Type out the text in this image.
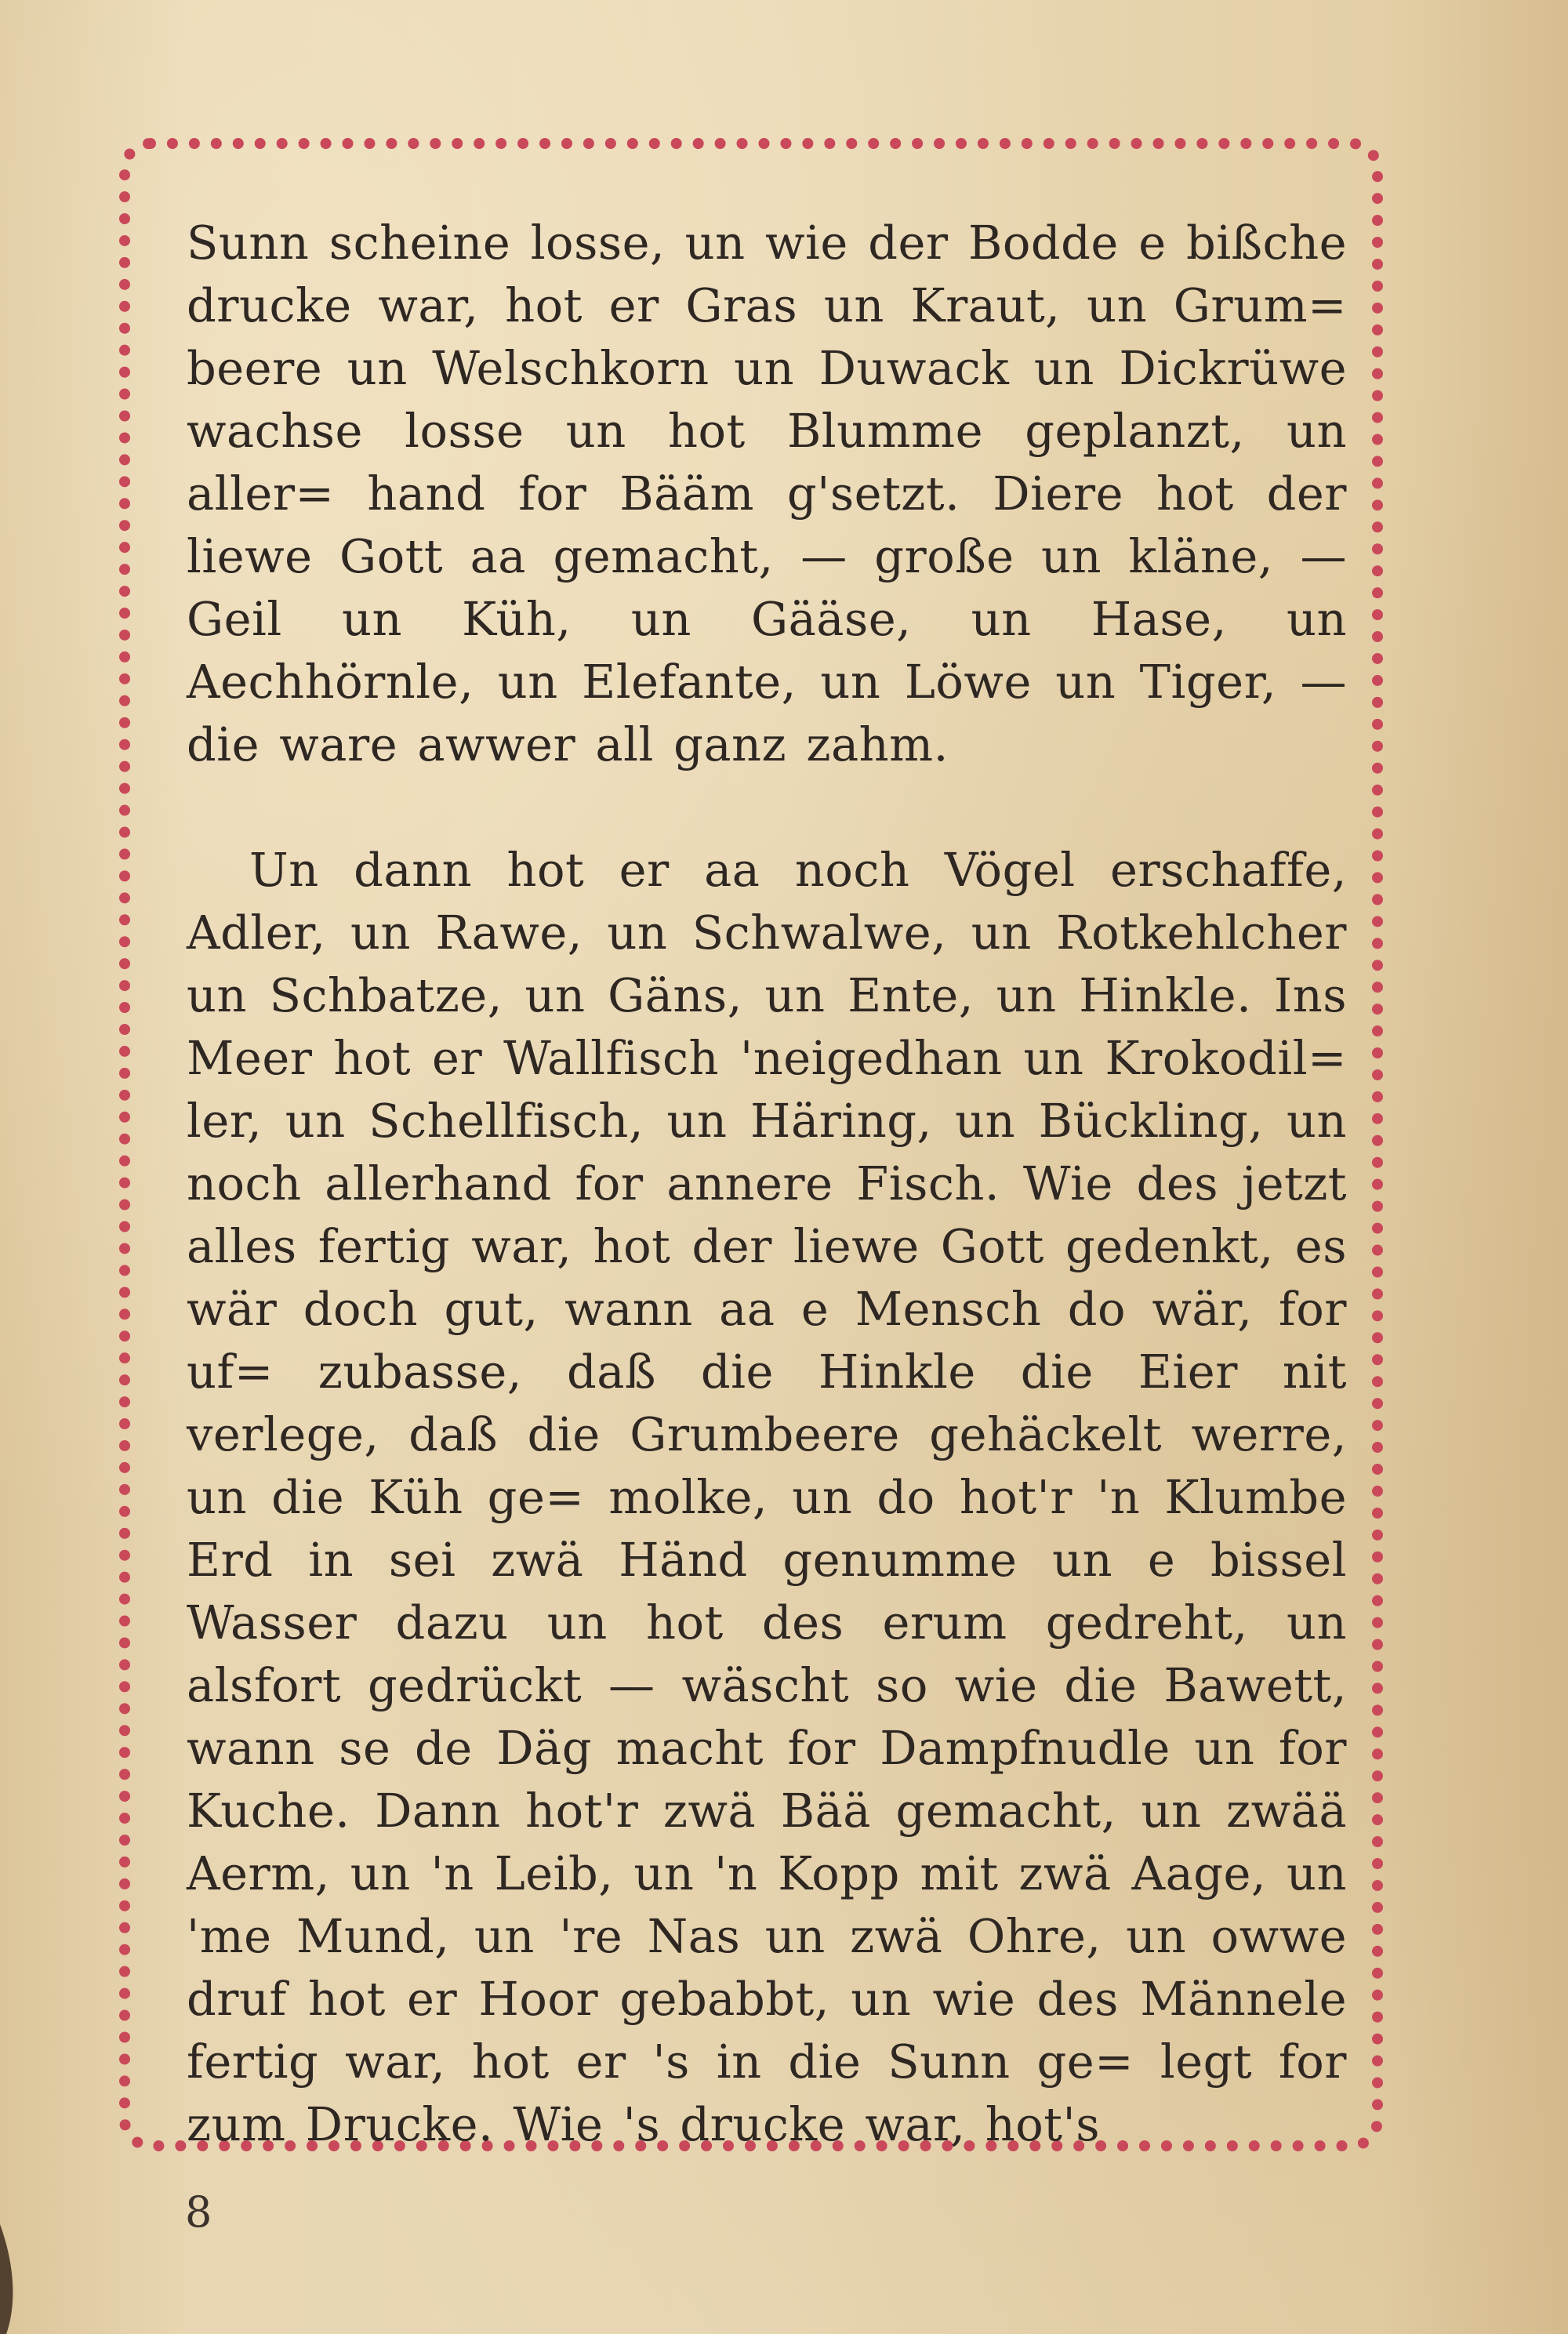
Sunn scheine losse, un wie der Bodde e bißche drucke war, hot er Gras un Kraut, un Grum= beere un Welschkorn un Duwack un Dickrüwe wachse losse un hot Blumme geplanzt, un aller= hand for Bääm g'setzt. Diere hot der liewe Gott aa gemacht, — große un kläne, — Geil un Küh, un Gääse, un Hase, un Aechhörnle, un Elefante, un Löwe un Tiger, — die ware awwer all ganz zahm.

Un dann hot er aa noch Vögel erschaffe, Adler, un Rawe, un Schwalwe, un Rotkehlcher un Schbatze, un Gäns, un Ente, un Hinkle. Ins Meer hot er Wallfisch 'neigedhan un Krokodil= ler, un Schellfisch, un Häring, un Bückling, un noch allerhand for annere Fisch. Wie des jetzt alles fertig war, hot der liewe Gott gedenkt, es wär doch gut, wann aa e Mensch do wär, for uf= zubasse, daß die Hinkle die Eier nit verlege, daß die Grumbeere gehäckelt werre, un die Küh ge= molke, un do hot'r 'n Klumbe Erd in sei zwä Händ genumme un e bissel Wasser dazu un hot des erum gedreht, un alsfort gedrückt — wäscht so wie die Bawett, wann se de Däg macht for Dampfnudle un for Kuche. Dann hot'r zwä Bää gemacht, un zwää Aerm, un 'n Leib, un 'n Kopp mit zwä Aage, un 'me Mund, un 're Nas un zwä Ohre, un owwe druf hot er Hoor gebabbt, un wie des Männele fertig war, hot er 's in die Sunn ge= legt for zum Drucke. Wie 's drucke war, hot's

8
